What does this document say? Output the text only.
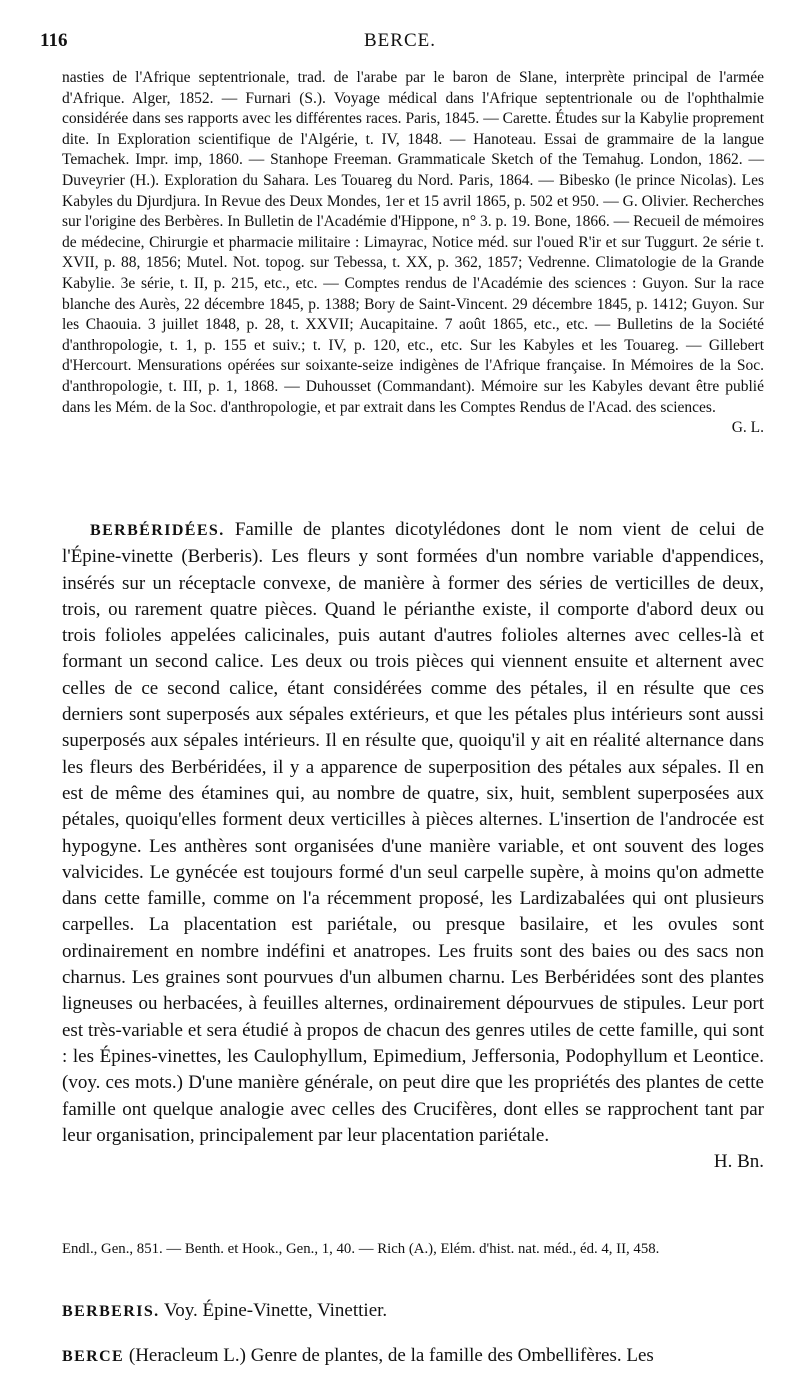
116	BERCE.

nasties de l'Afrique septentrionale, trad. de l'arabe par le baron de Slane, interprète principal de l'armée d'Afrique. Alger, 1852. — Furnari (S.). Voyage médical dans l'Afrique septentrionale ou de l'ophthalmie considérée dans ses rapports avec les différentes races. Paris, 1845. — Carette. Études sur la Kabylie proprement dite. In Exploration scientifique de l'Algérie, t. IV, 1848. — Hanoteau. Essai de grammaire de la langue Temachek. Impr. imp, 1860. — Stanhope Freeman. Grammaticale Sketch of the Temahug. London, 1862. — Duveyrier (H.). Exploration du Sahara. Les Touareg du Nord. Paris, 1864. — Bibesko (le prince Nicolas). Les Kabyles du Djurdjura. In Revue des Deux Mondes, 1er et 15 avril 1865, p. 502 et 950. — G. Olivier. Recherches sur l'origine des Berbères. In Bulletin de l'Académie d'Hippone, n° 3. p. 19. Bone, 1866. — Recueil de mémoires de médecine, Chirurgie et pharmacie militaire : Limayrac, Notice méd. sur l'oued R'ir et sur Tuggurt. 2e série t. XVII, p. 88, 1856; Mutel. Not. topog. sur Tebessa, t. XX, p. 362, 1857; Vedrenne. Climatologie de la Grande Kabylie. 3e série, t. II, p. 215, etc., etc. — Comptes rendus de l'Académie des sciences : Guyon. Sur la race blanche des Aurès, 22 décembre 1845, p. 1388; Bory de Saint-Vincent. 29 décembre 1845, p. 1412; Guyon. Sur les Chaouia. 3 juillet 1848, p. 28, t. XXVII; Aucapitaine. 7 août 1865, etc., etc. — Bulletins de la Société d'anthropologie, t. 1, p. 155 et suiv.; t. IV, p. 120, etc., etc. Sur les Kabyles et les Touareg. — Gillebert d'Hercourt. Mensurations opérées sur soixante-seize indigènes de l'Afrique française. In Mémoires de la Soc. d'anthropologie, t. III, p. 1, 1868. — Duhousset (Commandant). Mémoire sur les Kabyles devant être publié dans les Mém. de la Soc. d'anthropologie, et par extrait dans les Comptes Rendus de l'Acad. des sciences.

G. L.

BERBÉRIDÉES. Famille de plantes dicotylédones dont le nom vient de celui de l'Épine-vinette (Berberis). Les fleurs y sont formées d'un nombre variable d'appendices, insérés sur un réceptacle convexe, de manière à former des séries de verticilles de deux, trois, ou rarement quatre pièces. Quand le périanthe existe, il comporte d'abord deux ou trois folioles appelées calicinales, puis autant d'autres folioles alternes avec celles-là et formant un second calice. Les deux ou trois pièces qui viennent ensuite et alternent avec celles de ce second calice, étant considérées comme des pétales, il en résulte que ces derniers sont superposés aux sépales extérieurs, et que les pétales plus intérieurs sont aussi superposés aux sépales intérieurs. Il en résulte que, quoiqu'il y ait en réalité alternance dans les fleurs des Berbéridées, il y a apparence de superposition des pétales aux sépales. Il en est de même des étamines qui, au nombre de quatre, six, huit, semblent superposées aux pétales, quoiqu'elles forment deux verticilles à pièces alternes. L'insertion de l'androcée est hypogyne. Les anthères sont organisées d'une manière variable, et ont souvent des loges valvicides. Le gynécée est toujours formé d'un seul carpelle supère, à moins qu'on admette dans cette famille, comme on l'a récemment proposé, les Lardizabalées qui ont plusieurs carpelles. La placentation est pariétale, ou presque basilaire, et les ovules sont ordinairement en nombre indéfini et anatropes. Les fruits sont des baies ou des sacs non charnus. Les graines sont pourvues d'un albumen charnu. Les Berbéridées sont des plantes ligneuses ou herbacées, à feuilles alternes, ordinairement dépourvues de stipules. Leur port est très-variable et sera étudié à propos de chacun des genres utiles de cette famille, qui sont : les Épines-vinettes, les Caulophyllum, Epimedium, Jeffersonia, Podophyllum et Leontice. (voy. ces mots.) D'une manière générale, on peut dire que les propriétés des plantes de cette famille ont quelque analogie avec celles des Crucifères, dont elles se rapprochent tant par leur organisation, principalement par leur placentation pariétale.

H. Bn.
Endl., Gen., 851. — Benth. et Hook., Gen., 1, 40. — Rich (A.), Elém. d'hist. nat. méd., éd. 4, II, 458.
BERBERIS. Voy. Épine-Vinette, Vinettier.
BERCE (Heracleum L.) Genre de plantes, de la famille des Ombellifères. Les
